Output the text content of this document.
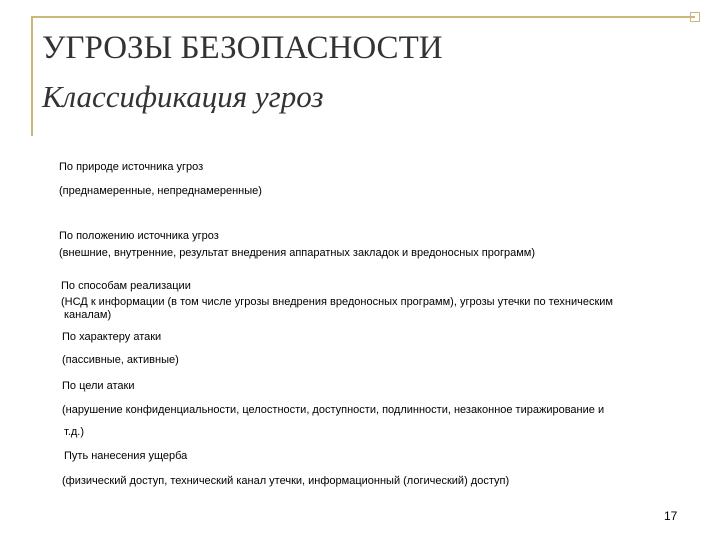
УГРОЗЫ БЕЗОПАСНОСТИ
Классификация угроз
По природе источника угроз
(преднамеренные, непреднамеренные)
По положению источника угроз
(внешние, внутренние, результат внедрения аппаратных закладок и вредоносных программ)
По способам реализации
(НСД к информации (в том числе угрозы внедрения вредоносных программ), угрозы утечки по техническим
каналам)
По характеру атаки
(пассивные, активные)
По цели атаки
(нарушение конфиденциальности, целостности, доступности, подлинности, незаконное тиражирование и
т.д.)
Путь нанесения ущерба
(физический доступ, технический канал утечки, информационный (логический) доступ)
17
